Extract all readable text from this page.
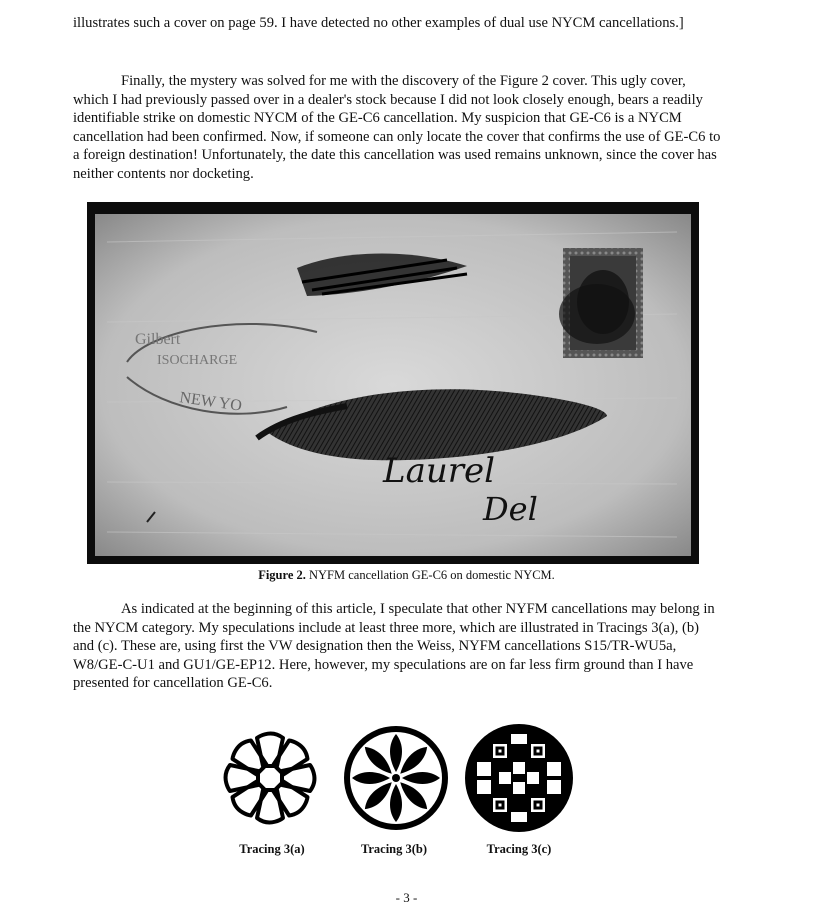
illustrates such a cover on page 59. I have detected no other examples of dual use NYCM cancellations.]

Finally, the mystery was solved for me with the discovery of the Figure 2 cover. This ugly cover, which I had previously passed over in a dealer's stock because I did not look closely enough, bears a readily identifiable strike on domestic NYCM of the GE-C6 cancellation. My suspicion that GE-C6 is a NYCM cancellation had been confirmed. Now, if someone can only locate the cover that confirms the use of GE-C6 to a foreign destination! Unfortunately, the date this cancellation was used remains unknown, since the cover has neither contents nor docketing.

Gilbert
ISOCHARGE
NEW YO
Laurel
Del
Figure 2. NYFM cancellation GE-C6 on domestic NYCM.

As indicated at the beginning of this article, I speculate that other NYFM cancellations may belong in the NYCM category. My speculations include at least three more, which are illustrated in Tracings 3(a), (b) and (c). These are, using first the VW designation then the Weiss, NYFM cancellations S15/TR-WU5a, W8/GE-C-U1 and GU1/GE-EP12. Here, however, my speculations are on far less firm ground than I have presented for cancellation GE-C6.

Tracing 3(a)	Tracing 3(b)	Tracing 3(c)
- 3 -
